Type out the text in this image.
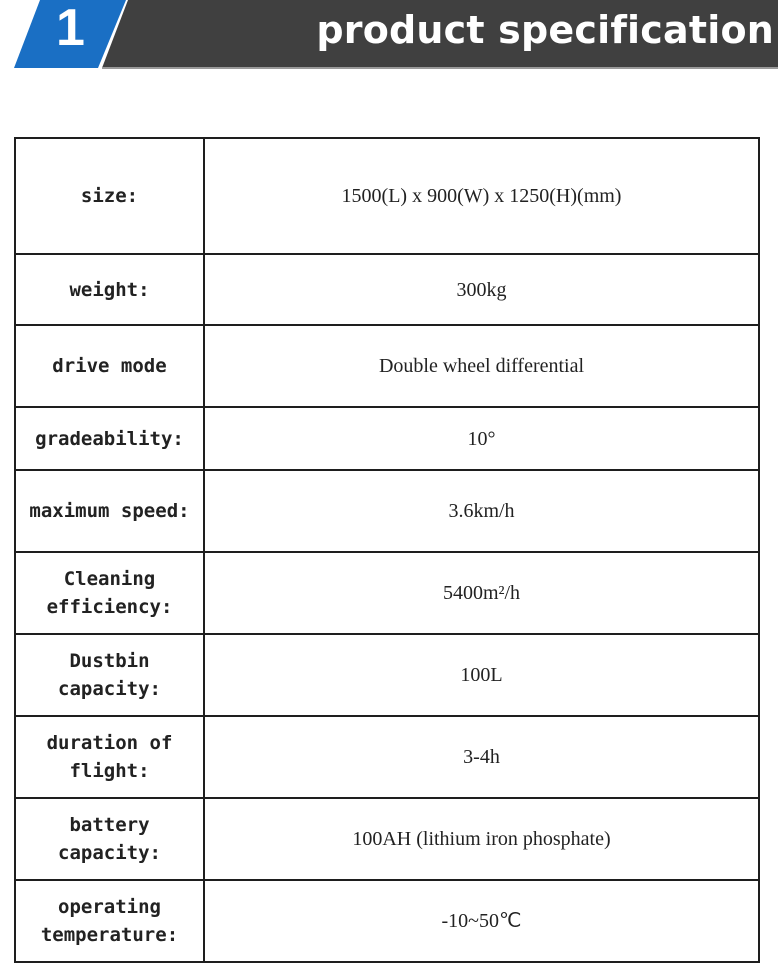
1	product specification
size:	1500(L) x 900(W) x 1250(H)(mm)
weight:	300kg
drive mode	Double wheel differential
gradeability:	10°
maximum speed:	3.6km/h
Cleaning efficiency:	5400m²/h
Dustbin capacity:	100L
duration of flight:	3-4h
battery capacity:	100AH (lithium iron phosphate)
operating temperature:	-10~50℃
